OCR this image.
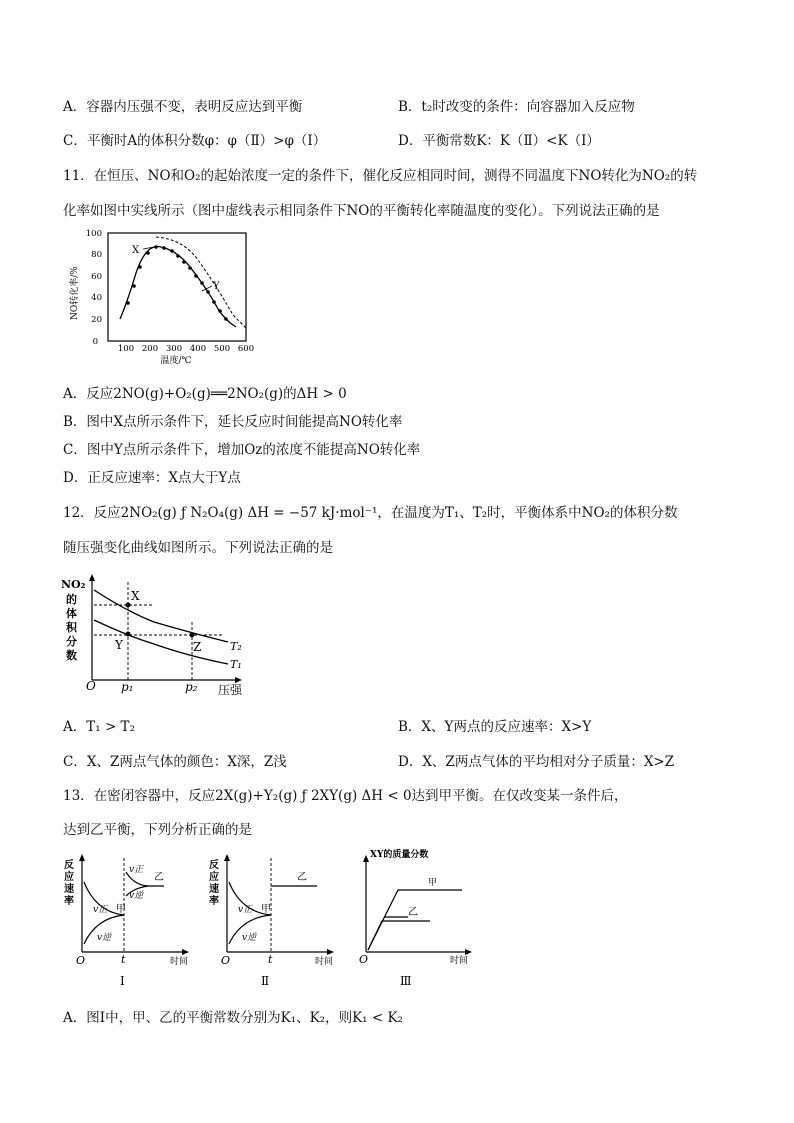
A．容器内压强不变，表明反应达到平衡	B．t₂时改变的条件：向容器加入反应物
C．平衡时A的体积分数φ：φ（Ⅱ）>φ（Ⅰ）	D．平衡常数K：K（Ⅱ）<K（Ⅰ）
11．在恒压、NO和O₂的起始浓度一定的条件下，催化反应相同时间，测得不同温度下NO转化为NO₂的转
化率如图中实线所示（图中虚线表示相同条件下NO的平衡转化率随温度的变化）。下列说法正确的是
100
80
60
40
20
0
100 200 300 400 500 600
温度/℃
NO转化率/%
X
Y
A．反应2NO(g)+O₂(g)══2NO₂(g)的ΔH > 0
B．图中X点所示条件下，延长反应时间能提高NO转化率
C．图中Y点所示条件下，增加Oz的浓度不能提高NO转化率
D．正反应速率：X点大于Y点
12．反应2NO₂(g) ƒ N₂O₄(g) ΔH = −57 kJ·mol⁻¹，在温度为T₁、T₂时，平衡体系中NO₂的体积分数
随压强变化曲线如图所示。下列说法正确的是
NO₂
的
体
积
分
数
X
Y	Z	T₂
T₁
O p₁	p₂ 压强
A．T₁ > T₂	B．X、Y两点的反应速率：X>Y
C．X、Z两点气体的颜色：X深，Z浅	D．X、Z两点气体的平均相对分子质量：X>Z
13．在密闭容器中，反应2X(g)+Y₂(g) ƒ 2XY(g) ΔH < 0达到甲平衡。在仅改变某一条件后，
达到乙平衡，下列分析正确的是
反
应
速
率
v正 甲
v逆
v正
v逆
乙
O	t	时间
Ⅰ
反
应
速
率
v正 甲
v逆
乙
O	t	时间
Ⅱ
XY的质量分数
甲
乙
O	时间
Ⅲ
A．图Ⅰ中，甲、乙的平衡常数分别为K₁、K₂，则K₁ < K₂
